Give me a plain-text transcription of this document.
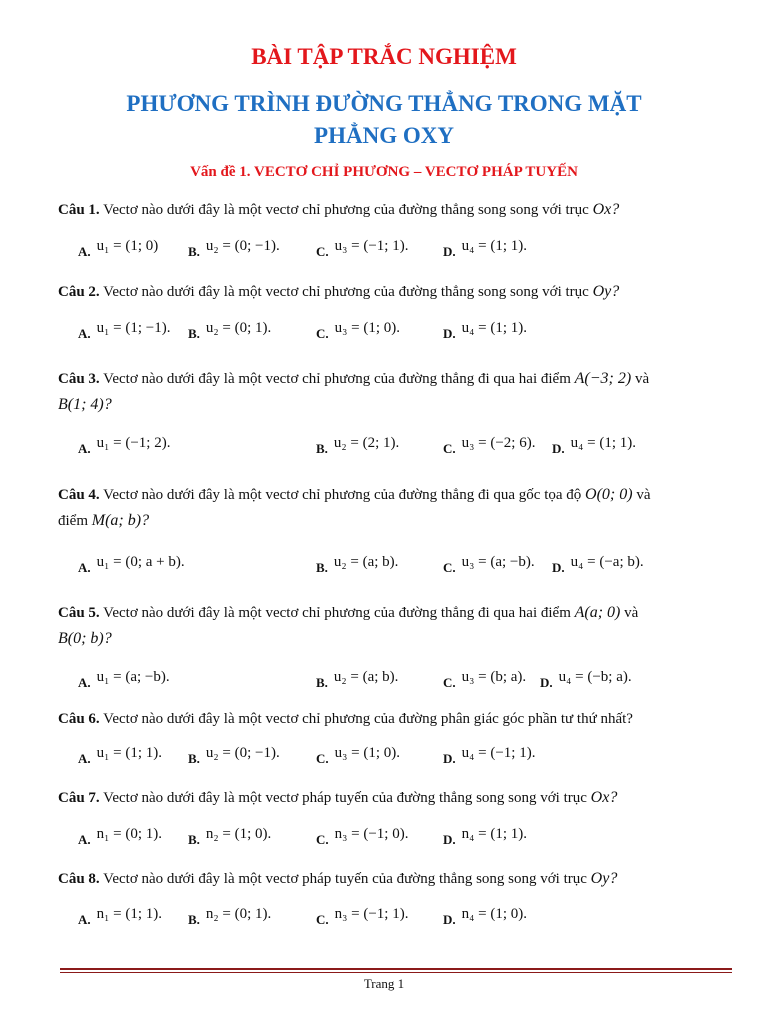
BÀI TẬP TRẮC NGHIỆM
PHƯƠNG TRÌNH ĐƯỜNG THẲNG TRONG MẶT
PHẲNG OXY
Vấn đề 1. VECTƠ CHỈ PHƯƠNG – VECTƠ PHÁP TUYẾN
Câu 1. Vectơ nào dưới đây là một vectơ chỉ phương của đường thẳng song song với trục Ox?
A. u₁ = (1; 0) B. u₂ = (0; −1).	C. u₃ = (−1; 1).	D. u₄ = (1; 1).
Câu 2. Vectơ nào dưới đây là một vectơ chỉ phương của đường thẳng song song với trục Oy?
A. u₁ = (1; −1). B. u₂ = (0; 1).	C. u₃ = (1; 0).	D. u₄ = (1; 1).
Câu 3. Vectơ nào dưới đây là một vectơ chỉ phương của đường thẳng đi qua hai điểm A(−3; 2) và
B(1; 4)?
A. u₁ = (−1; 2).	B. u₂ = (2; 1).	C. u₃ = (−2; 6). D. u₄ = (1; 1).
Câu 4. Vectơ nào dưới đây là một vectơ chỉ phương của đường thẳng đi qua gốc tọa độ O(0; 0) và
điểm M(a; b)?
A. u₁ = (0; a + b).	B. u₂ = (a; b).	C. u₃ = (a; −b). D. u₄ = (−a; b).
Câu 5. Vectơ nào dưới đây là một vectơ chỉ phương của đường thẳng đi qua hai điểm A(a; 0) và
B(0; b)?
A. u₁ = (a; −b).	B. u₂ = (a; b).	C. u₃ = (b; a). D. u₄ = (−b; a).
Câu 6. Vectơ nào dưới đây là một vectơ chỉ phương của đường phân giác góc phần tư thứ nhất?
A. u₁ = (1; 1). B. u₂ = (0; −1).	C. u₃ = (1; 0).	D. u₄ = (−1; 1).
Câu 7. Vectơ nào dưới đây là một vectơ pháp tuyến của đường thẳng song song với trục Ox?
A. n₁ = (0; 1). B. n₂ = (1; 0).	C. n₃ = (−1; 0).	D. n₄ = (1; 1).
Câu 8. Vectơ nào dưới đây là một vectơ pháp tuyến của đường thẳng song song với trục Oy?
A. n₁ = (1; 1). B. n₂ = (0; 1).	C. n₃ = (−1; 1).	D. n₄ = (1; 0).
Trang 1
